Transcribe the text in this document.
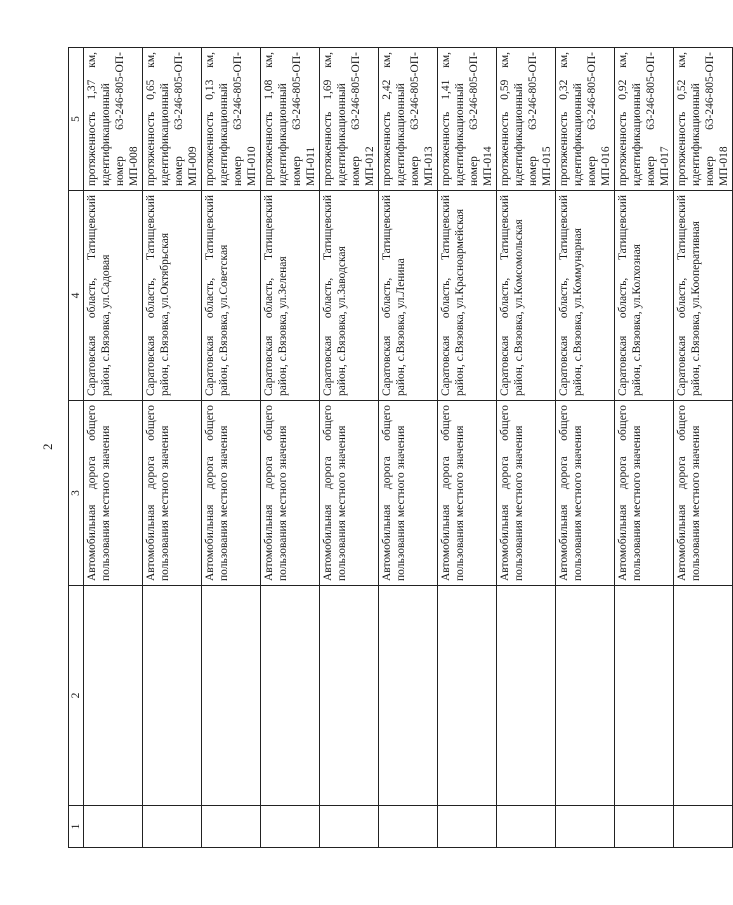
2
1	2	3	4	5
		Автомобильная дорога общего пользования местного значения	Саратовская область, Татищевский район, с.Вязовка, ул.Садовая	протяженность 1,37 км, идентификационный номер 63-246-805-ОП-МП-008
		Автомобильная дорога общего пользования местного значения	Саратовская область, Татищевский район, с.Вязовка, ул.Октябрьская	протяженность 0,65 км, идентификационный номер 63-246-805-ОП-МП-009
		Автомобильная дорога общего пользования местного значения	Саратовская область, Татищевский район, с.Вязовка, ул.Советская	протяженность 0,13 км, идентификационный номер 63-246-805-ОП-МП-010
		Автомобильная дорога общего пользования местного значения	Саратовская область, Татищевский район, с.Вязовка, ул.Зеленая	протяженность 1,08 км, идентификационный номер 63-246-805-ОП-МП-011
		Автомобильная дорога общего пользования местного значения	Саратовская область, Татищевский район, с.Вязовка, ул.Заводская	протяженность 1,69 км, идентификационный номер 63-246-805-ОП-МП-012
		Автомобильная дорога общего пользования местного значения	Саратовская область, Татищевский район, с.Вязовка, ул.Ленина	протяженность 2,42 км, идентификационный номер 63-246-805-ОП-МП-013
		Автомобильная дорога общего пользования местного значения	Саратовская область, Татищевский район, с.Вязовка, ул.Красноармейская	протяженность 1,41 км, идентификационный номер 63-246-805-ОП-МП-014
		Автомобильная дорога общего пользования местного значения	Саратовская область, Татищевский район, с.Вязовка, ул.Комсомольская	протяженность 0,59 км, идентификационный номер 63-246-805-ОП-МП-015
		Автомобильная дорога общего пользования местного значения	Саратовская область, Татищевский район, с.Вязовка, ул.Коммунарная	протяженность 0,32 км, идентификационный номер 63-246-805-ОП-МП-016
		Автомобильная дорога общего пользования местного значения	Саратовская область, Татищевский район, с.Вязовка, ул.Колхозная	протяженность 0,92 км, идентификационный номер 63-246-805-ОП-МП-017
		Автомобильная дорога общего пользования местного значения	Саратовская область, Татищевский район, с.Вязовка, ул.Кооперативная	протяженность 0,52 км, идентификационный номер 63-246-805-ОП-МП-018
